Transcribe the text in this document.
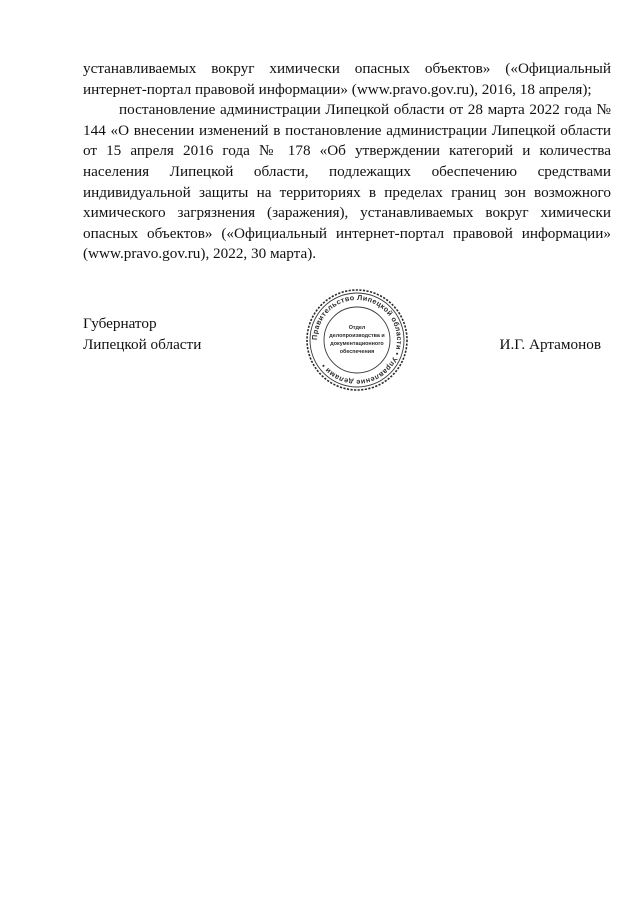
устанавливаемых вокруг химически опасных объектов» («Официальный интернет-портал правовой информации» (www.pravo.gov.ru), 2016, 18 апреля);

постановление администрации Липецкой области от 28 марта 2022 года № 144 «О внесении изменений в постановление администрации Липецкой области от 15 апреля 2016 года № 178 «Об утверждении категорий и количества населения Липецкой области, подлежащих обеспечению средствами индивидуальной защиты на территориях в пределах границ зон возможного химического загрязнения (заражения), устанавливаемых вокруг химически опасных объектов» («Официальный интернет-портал правовой информации» (www.pravo.gov.ru), 2022, 30 марта).

Губернатор
Липецкой области	И.Г. Артамонов
Правительство Липецкой области • Управление делами •
Отдел
делопроизводства и
документационного
обеспечения
